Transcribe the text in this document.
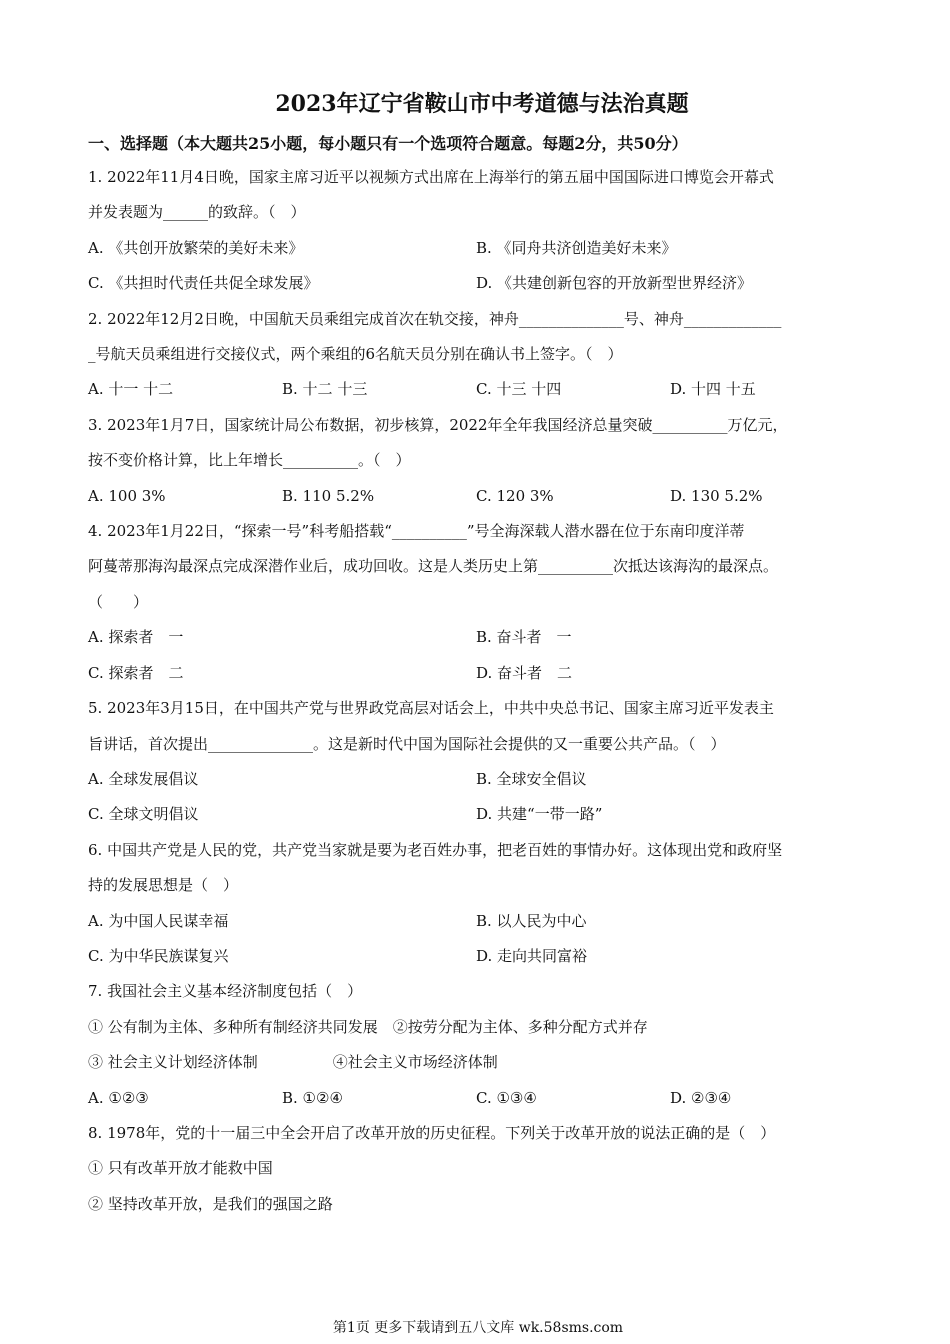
2023年辽宁省鞍山市中考道德与法治真题

一、选择题（本大题共25小题，每小题只有一个选项符合题意。每题2分，共50分）

1. 2022年11月4日晚，国家主席习近平以视频方式出席在上海举行的第五届中国国际进口博览会开幕式

并发表题为______的致辞。（　）

A. 《共创开放繁荣的美好未来》	B. 《同舟共济创造美好未来》
C. 《共担时代责任共促全球发展》	D. 《共建创新包容的开放新型世界经济》

2. 2022年12月2日晚，中国航天员乘组完成首次在轨交接，神舟______________号、神舟_____________

_号航天员乘组进行交接仪式，两个乘组的6名航天员分别在确认书上签字。（　）

A. 十一 十二	B. 十二 十三	C. 十三 十四	D. 十四 十五

3. 2023年1月7日，国家统计局公布数据，初步核算，2022年全年我国经济总量突破__________万亿元，

按不变价格计算，比上年增长__________。（　）

A. 100 3%	B. 110 5.2%	C. 120 3%	D. 130 5.2%

4. 2023年1月22日，“探索一号”科考船搭载“__________”号全海深载人潜水器在位于东南印度洋蒂

阿蔓蒂那海沟最深点完成深潜作业后，成功回收。这是人类历史上第__________次抵达该海沟的最深点。

（　　）

A. 探索者　一	B. 奋斗者　一
C. 探索者　二	D. 奋斗者　二

5. 2023年3月15日，在中国共产党与世界政党高层对话会上，中共中央总书记、国家主席习近平发表主

旨讲话，首次提出______________。这是新时代中国为国际社会提供的又一重要公共产品。（　）

A. 全球发展倡议	B. 全球安全倡议
C. 全球文明倡议	D. 共建“一带一路”

6. 中国共产党是人民的党，共产党当家就是要为老百姓办事，把老百姓的事情办好。这体现出党和政府坚

持的发展思想是（　）

A. 为中国人民谋幸福	B. 以人民为中心
C. 为中华民族谋复兴	D. 走向共同富裕

7. 我国社会主义基本经济制度包括（　）

① 公有制为主体、多种所有制经济共同发展　②按劳分配为主体、多种分配方式并存

③ 社会主义计划经济体制　　　　　④社会主义市场经济体制

A. ①②③	B. ①②④	C. ①③④	D. ②③④

8. 1978年，党的十一届三中全会开启了改革开放的历史征程。下列关于改革开放的说法正确的是（　）

① 只有改革开放才能救中国

② 坚持改革开放，是我们的强国之路

第1页 更多下载请到五八文库 wk.58sms.com
